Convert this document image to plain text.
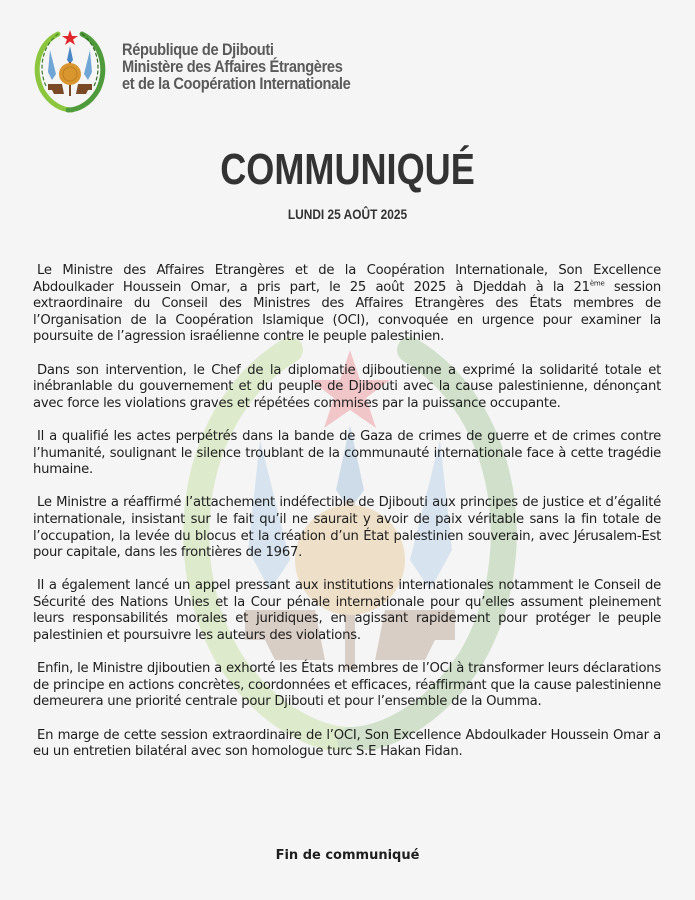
République de Djibouti
Ministère des Affaires Étrangères
et de la Coopération Internationale
COMMUNIQUÉ
LUNDI 25 AOÛT 2025

Le Ministre des Affaires Etrangères et de la Coopération Internationale, Son Excellence Abdoulkader Houssein Omar, a pris part, le 25 août 2025 à Djeddah à la 21ème session extraordinaire du Conseil des Ministres des Affaires Etrangères des États membres de l’Organisation de la Coopération Islamique (OCI), convoquée en urgence pour examiner la poursuite de l’agression israélienne contre le peuple palestinien.

Dans son intervention, le Chef de la diplomatie djiboutienne a exprimé la solidarité totale et inébranlable du gouvernement et du peuple de Djibouti avec la cause palestinienne, dénonçant avec force les violations graves et répétées commises par la puissance occupante.

Il a qualifié les actes perpétrés dans la bande de Gaza de crimes de guerre et de crimes contre l’humanité, soulignant le silence troublant de la communauté internationale face à cette tragédie humaine.

Le Ministre a réaffirmé l’attachement indéfectible de Djibouti aux principes de justice et d’égalité internationale, insistant sur le fait qu’il ne saurait y avoir de paix véritable sans la fin totale de l’occupation, la levée du blocus et la création d’un État palestinien souverain, avec Jérusalem-Est pour capitale, dans les frontières de 1967.

Il a également lancé un appel pressant aux institutions internationales notamment le Conseil de Sécurité des Nations Unies et la Cour pénale internationale pour qu’elles assument pleinement leurs responsabilités morales et juridiques, en agissant rapidement pour protéger le peuple palestinien et poursuivre les auteurs des violations.

Enfin, le Ministre djiboutien a exhorté les États membres de l’OCI à transformer leurs déclarations de principe en actions concrètes, coordonnées et efficaces, réaffirmant que la cause palestinienne demeurera une priorité centrale pour Djibouti et pour l’ensemble de la Oumma.

En marge de cette session extraordinaire de l’OCI, Son Excellence Abdoulkader Houssein Omar a eu un entretien bilatéral avec son homologue turc S.E Hakan Fidan.

Fin de communiqué
